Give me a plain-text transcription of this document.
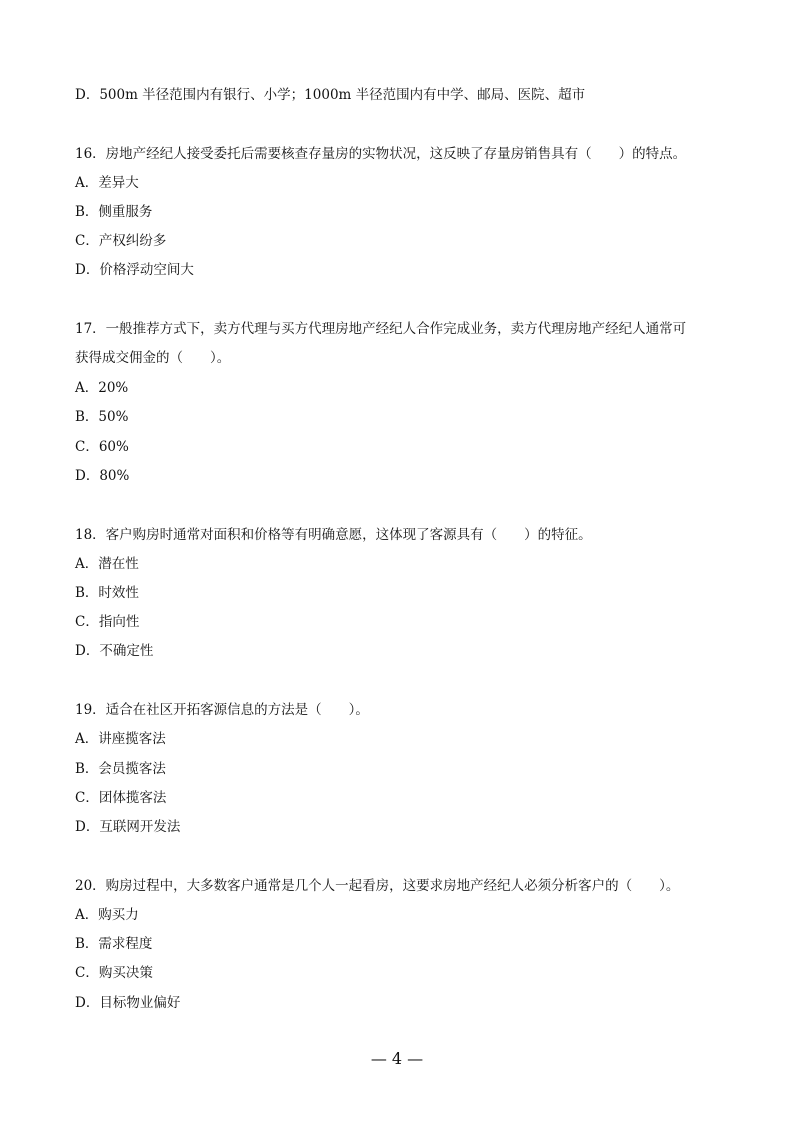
D．500m 半径范围内有银行、小学；1000m 半径范围内有中学、邮局、医院、超市
16．房地产经纪人接受委托后需要核查存量房的实物状况，这反映了存量房销售具有（　　）的特点。
A．差异大
B．侧重服务
C．产权纠纷多
D．价格浮动空间大
17．一般推荐方式下，卖方代理与买方代理房地产经纪人合作完成业务，卖方代理房地产经纪人通常可
获得成交佣金的（　　）。
A．20%
B．50%
C．60%
D．80%
18．客户购房时通常对面积和价格等有明确意愿，这体现了客源具有（　　）的特征。
A．潜在性
B．时效性
C．指向性
D．不确定性
19．适合在社区开拓客源信息的方法是（　　）。
A．讲座揽客法
B．会员揽客法
C．团体揽客法
D．互联网开发法
20．购房过程中，大多数客户通常是几个人一起看房，这要求房地产经纪人必须分析客户的（　　）。
A．购买力
B．需求程度
C．购买决策
D．目标物业偏好
— 4 —
